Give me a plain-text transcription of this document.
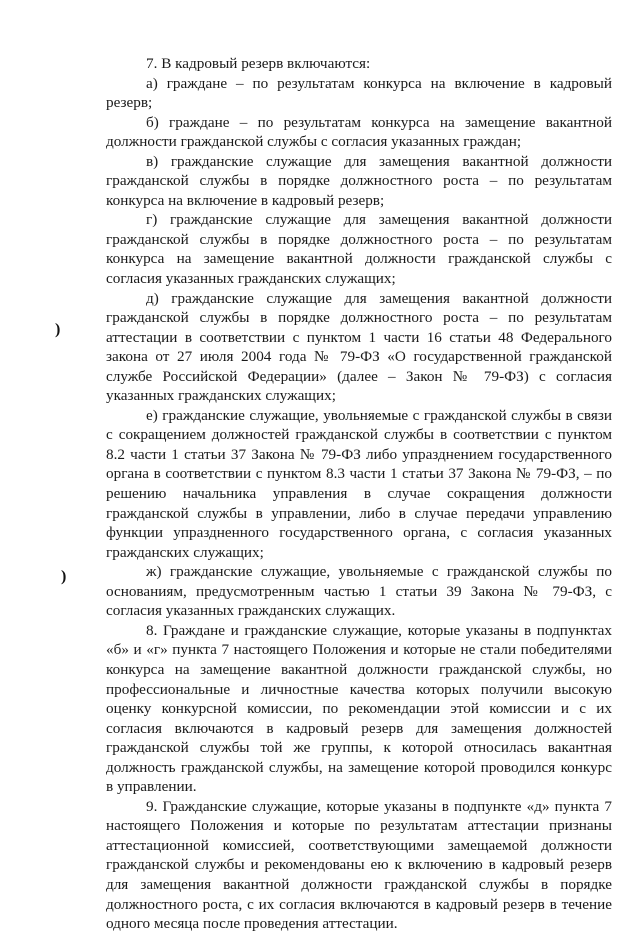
)
)

7. В кадровый резерв включаются:

а) граждане – по результатам конкурса на включение в кадровый резерв;

б) граждане – по результатам конкурса на замещение вакантной должности гражданской службы с согласия указанных граждан;

в) гражданские служащие для замещения вакантной должности гражданской службы в порядке должностного роста – по результатам конкурса на включение в кадровый резерв;

г) гражданские служащие для замещения вакантной должности гражданской службы в порядке должностного роста – по результатам конкурса на замещение вакантной должности гражданской службы с согласия указанных гражданских служащих;

д) гражданские служащие для замещения вакантной должности гражданской службы в порядке должностного роста – по результатам аттестации в соответствии с пунктом 1 части 16 статьи 48 Федерального закона от 27 июля 2004 года № 79-ФЗ «О государственной гражданской службе Российской Федерации» (далее – Закон № 79-ФЗ) с согласия указанных гражданских служащих;

е) гражданские служащие, увольняемые с гражданской службы в связи с сокращением должностей гражданской службы в соответствии с пунктом 8.2 части 1 статьи 37 Закона № 79-ФЗ либо упразднением государственного органа в соответствии с пунктом 8.3 части 1 статьи 37 Закона № 79-ФЗ, – по решению начальника управления в случае сокращения должности гражданской службы в управлении, либо в случае передачи управлению функции упраздненного государственного органа, с согласия указанных гражданских служащих;

ж) гражданские служащие, увольняемые с гражданской службы по основаниям, предусмотренным частью 1 статьи 39 Закона № 79-ФЗ, с согласия указанных гражданских служащих.

8. Граждане и гражданские служащие, которые указаны в подпунктах «б» и «г» пункта 7 настоящего Положения и которые не стали победителями конкурса на замещение вакантной должности гражданской службы, но профессиональные и личностные качества которых получили высокую оценку конкурсной комиссии, по рекомендации этой комиссии и с их согласия включаются в кадровый резерв для замещения должностей гражданской службы той же группы, к которой относилась вакантная должность гражданской службы, на замещение которой проводился конкурс в управлении.

9. Гражданские служащие, которые указаны в подпункте «д» пункта 7 настоящего Положения и которые по результатам аттестации признаны аттестационной комиссией, соответствующими замещаемой должности гражданской службы и рекомендованы ею к включению в кадровый резерв для замещения вакантной должности гражданской службы в порядке должностного роста, с их согласия включаются в кадровый резерв в течение одного месяца после проведения аттестации.
